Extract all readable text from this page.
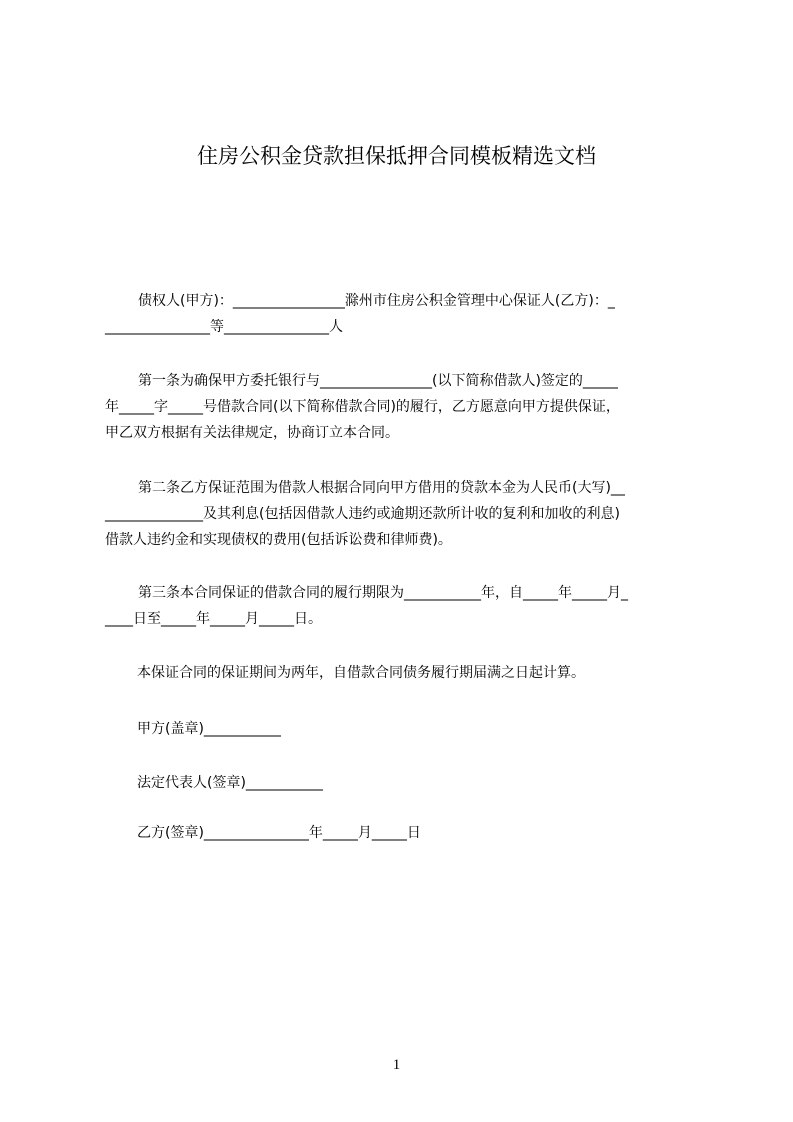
住房公积金贷款担保抵押合同模板精选文档
债权人(甲方)：________________滁州市住房公积金管理中心保证人(乙方)：_
_______________等_______________人
第一条为确保甲方委托银行与________________(以下简称借款人)签定的_____
年_____字_____号借款合同(以下简称借款合同)的履行，乙方愿意向甲方提供保证，
甲乙双方根据有关法律规定，协商订立本合同。
第二条乙方保证范围为借款人根据合同向甲方借用的贷款本金为人民币(大写)__
______________及其利息(包括因借款人违约或逾期还款所计收的复利和加收的利息)
借款人违约金和实现债权的费用(包括诉讼费和律师费)。
第三条本合同保证的借款合同的履行期限为___________年，自_____年_____月_
____日至_____年_____月_____日。
本保证合同的保证期间为两年，自借款合同债务履行期届满之日起计算。
甲方(盖章)___________
法定代表人(签章)___________
乙方(签章)_______________年_____月_____日
1
